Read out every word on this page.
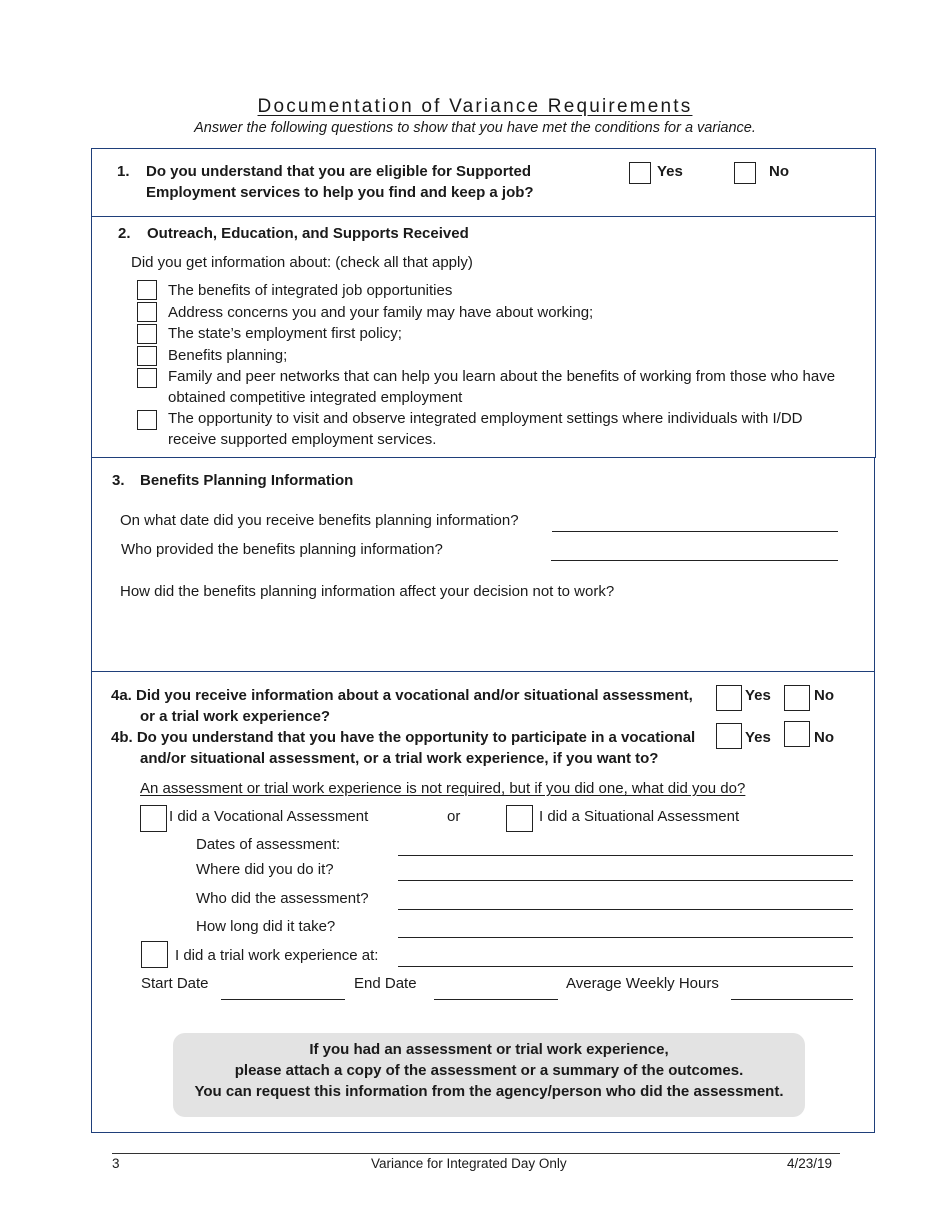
Documentation of Variance Requirements
Answer the following questions to show that you have met the conditions for a variance.
1. Do you understand that you are eligible for Supported
Employment services to help you find and keep a job?
Yes	No
2. Outreach, Education, and Supports Received
Did you get information about: (check all that apply)
The benefits of integrated job opportunities
Address concerns you and your family may have about working;
The state’s employment first policy;
Benefits planning;
Family and peer networks that can help you learn about the benefits of working from those who have
obtained competitive integrated employment
The opportunity to visit and observe integrated employment settings where individuals with I/DD
receive supported employment services.
3. Benefits Planning Information
On what date did you receive benefits planning information?
Who provided the benefits planning information?
How did the benefits planning information affect your decision not to work?
4a. Did you receive information about a vocational and/or situational assessment,
or a trial work experience?
Yes	No
4b. Do you understand that you have the opportunity to participate in a vocational
and/or situational assessment, or a trial work experience, if you want to?
Yes	No
An assessment or trial work experience is not required, but if you did one, what did you do?
I did a Vocational Assessment	or	I did a Situational Assessment
Dates of assessment:
Where did you do it?
Who did the assessment?
How long did it take?
I did a trial work experience at:
Start Date	End Date	Average Weekly Hours
If you had an assessment or trial work experience,
please attach a copy of the assessment or a summary of the outcomes.
You can request this information from the agency/person who did the assessment.
3	Variance for Integrated Day Only	4/23/19
